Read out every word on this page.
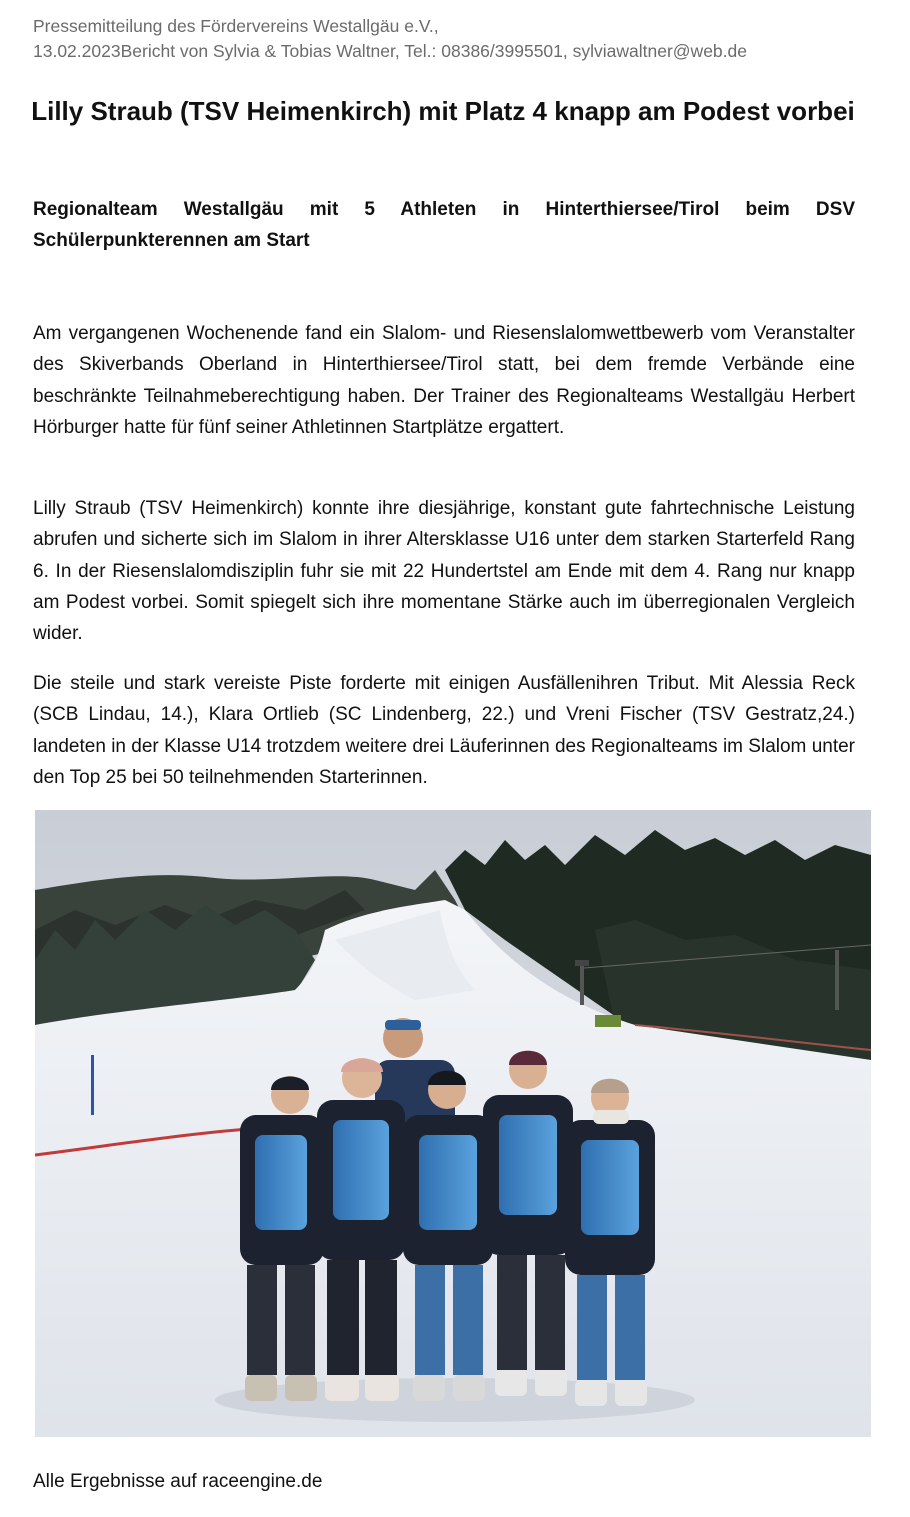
Pressemitteilung des Fördervereins Westallgäu e.V.,
13.02.2023Bericht von Sylvia & Tobias Waltner, Tel.: 08386/3995501, sylviawaltner@web.de
Lilly Straub (TSV Heimenkirch) mit Platz 4 knapp am Podest vorbei
Regionalteam Westallgäu mit 5 Athleten in Hinterthiersee/Tirol beim DSV Schülerpunkterennen am Start

Am vergangenen Wochenende fand ein Slalom- und Riesenslalomwettbewerb vom Veranstalter des Skiverbands Oberland in Hinterthiersee/Tirol statt, bei dem fremde Verbände eine beschränkte Teilnahmeberechtigung haben. Der Trainer des Regionalteams Westallgäu Herbert Hörburger hatte für fünf seiner Athletinnen Startplätze ergattert.

Lilly Straub (TSV Heimenkirch) konnte ihre diesjährige, konstant gute fahrtechnische Leistung abrufen und sicherte sich im Slalom in ihrer Altersklasse U16 unter dem starken Starterfeld Rang 6. In der Riesenslalomdisziplin fuhr sie mit 22 Hundertstel am Ende mit dem 4. Rang nur knapp am Podest vorbei. Somit spiegelt sich ihre momentane Stärke auch im überregionalen Vergleich wider.

Die steile und stark vereiste Piste forderte mit einigen Ausfällenihren Tribut. Mit Alessia Reck (SCB Lindau, 14.), Klara Ortlieb (SC Lindenberg, 22.) und Vreni Fischer (TSV Gestratz,24.) landeten in der Klasse U14 trotzdem weitere drei Läuferinnen des Regionalteams im Slalom unter den Top 25 bei 50 teilnehmenden Starterinnen.

Alle Ergebnisse auf raceengine.de
